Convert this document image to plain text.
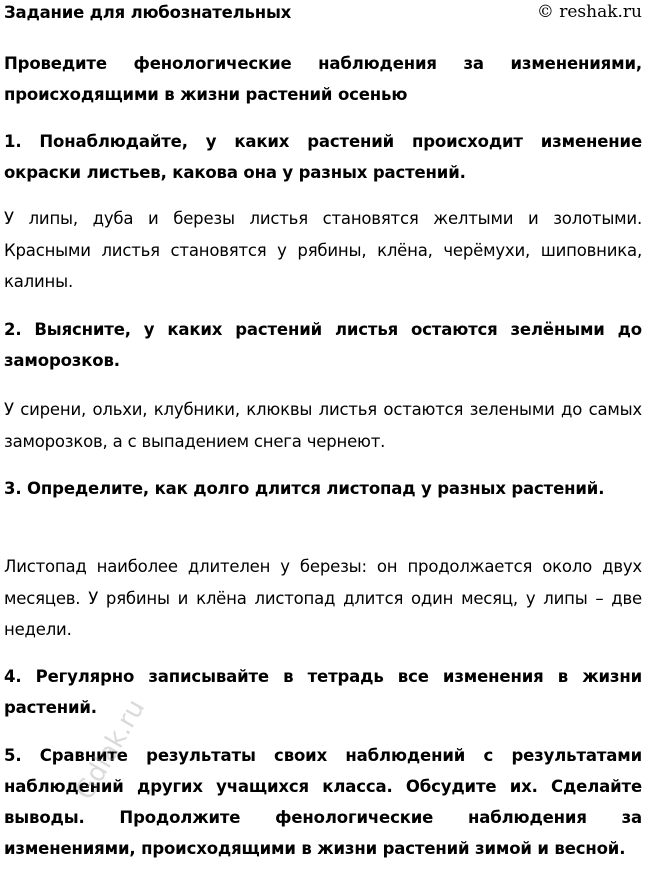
Задание для любознательных	© reshak.ru

Проведите фенологические наблюдения за изменениями, происходящими в жизни растений осенью

1. Понаблюдайте, у каких растений происходит изменение окраски листьев, какова она у разных растений.

У липы, дуба и березы листья становятся желтыми и золотыми. Красными листья становятся у рябины, клёна, черёмухи, шиповника, калины.

2. Выясните, у каких растений листья остаются зелёными до заморозков.

У сирени, ольхи, клубники, клюквы листья остаются зелеными до самых заморозков, а с выпадением снега чернеют.

3. Определите, как долго длится листопад у разных растений.

Листопад наиболее длителен у березы: он продолжается около двух месяцев. У рябины и клёна листопад длится один месяц, у липы – две недели.

4. Регулярно записывайте в тетрадь все изменения в жизни растений.

5. Сравните результаты своих наблюдений с результатами наблюдений других учащихся класса. Обсудите их. Сделайте выводы. Продолжите фенологические наблюдения за изменениями, происходящими в жизни растений зимой и весной.

Gdlak.ru
